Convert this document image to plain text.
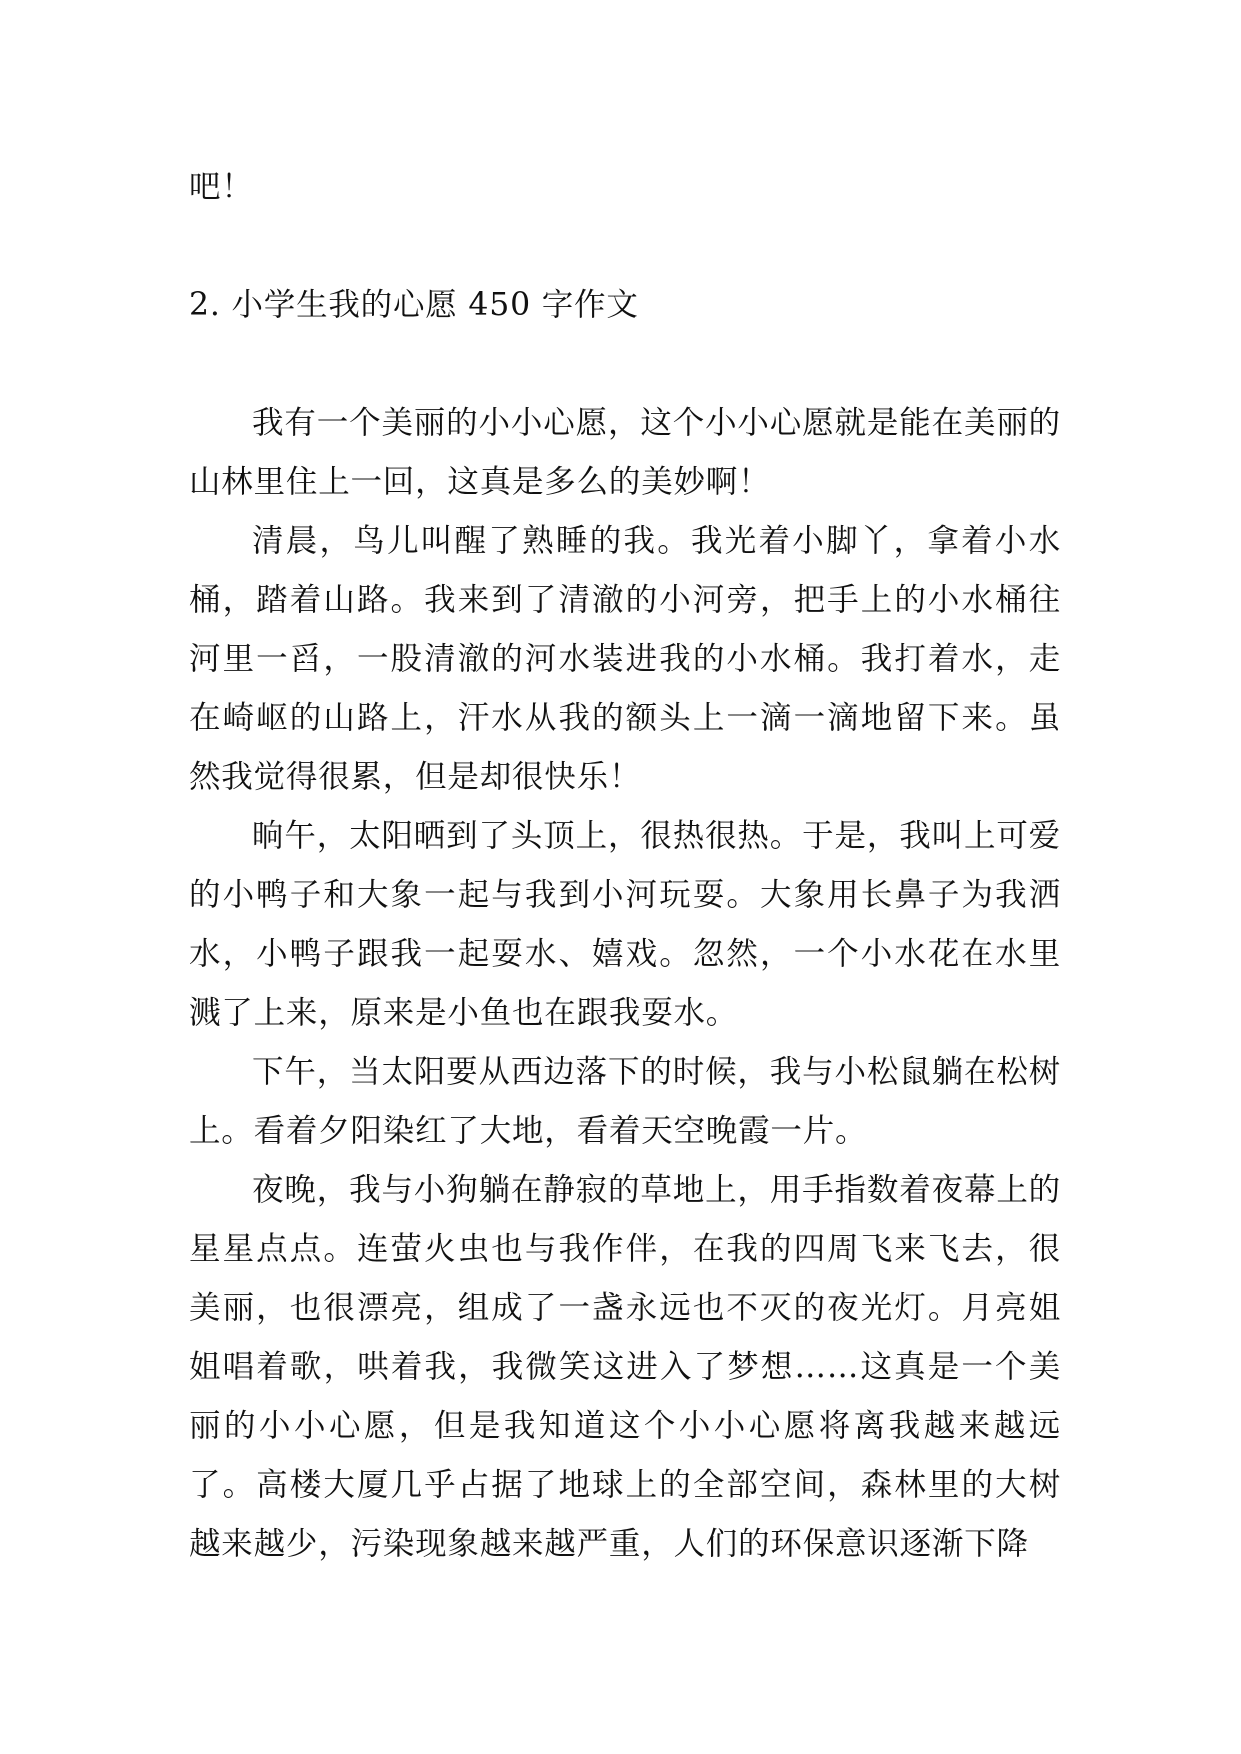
吧！

2. 小学生我的心愿 450 字作文

我有一个美丽的小小心愿，这个小小心愿就是能在美丽的山林里住上一回，这真是多么的美妙啊！

清晨，鸟儿叫醒了熟睡的我。我光着小脚丫，拿着小水桶，踏着山路。我来到了清澈的小河旁，把手上的小水桶往河里一舀，一股清澈的河水装进我的小水桶。我打着水，走在崎岖的山路上，汗水从我的额头上一滴一滴地留下来。虽然我觉得很累，但是却很快乐！

晌午，太阳晒到了头顶上，很热很热。于是，我叫上可爱的小鸭子和大象一起与我到小河玩耍。大象用长鼻子为我洒水，小鸭子跟我一起耍水、嬉戏。忽然，一个小水花在水里溅了上来，原来是小鱼也在跟我耍水。

下午，当太阳要从西边落下的时候，我与小松鼠躺在松树上。看着夕阳染红了大地，看着天空晚霞一片。

夜晚，我与小狗躺在静寂的草地上，用手指数着夜幕上的星星点点。连萤火虫也与我作伴，在我的四周飞来飞去，很美丽，也很漂亮，组成了一盏永远也不灭的夜光灯。月亮姐姐唱着歌，哄着我，我微笑这进入了梦想……这真是一个美丽的小小心愿，但是我知道这个小小心愿将离我越来越远了。高楼大厦几乎占据了地球上的全部空间，森林里的大树越来越少，污染现象越来越严重，人们的环保意识逐渐下降
